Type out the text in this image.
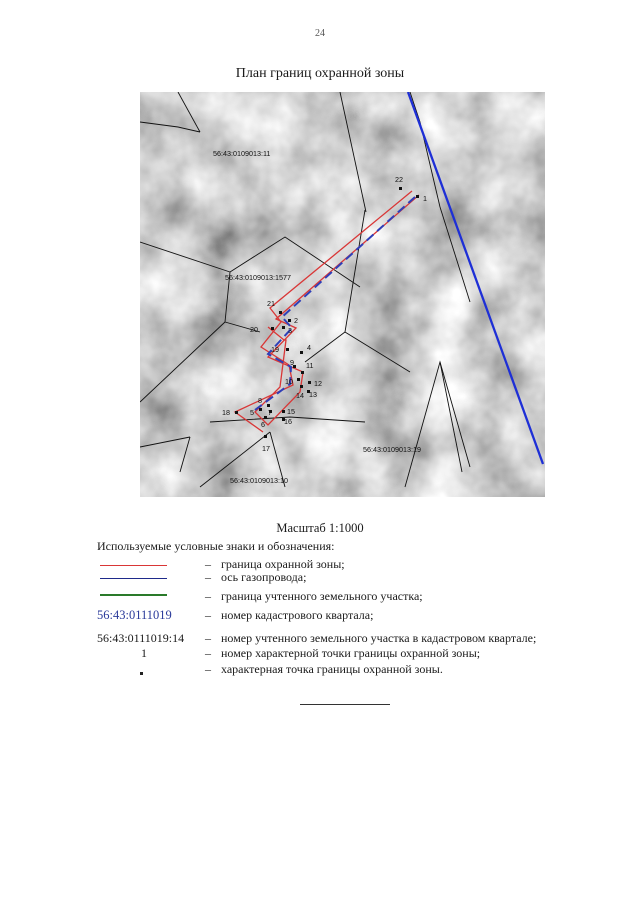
24
План границ охранной зоны
1
22
21
20
2
3
19	4
9 11
10	12
14 13
8
18	5 7 15
6	16
17
56:43:0109013:11
56:43:0109013:1577
56:43:0109013:19
56:43:0109013:10
Масштаб 1:1000
Используемые условные знаки и обозначения:
– граница охранной зоны;
– ось газопровода;
– граница учтенного земельного участка;
56:43:0111019	– номер кадастрового квартала;
56:43:0111019:14 – номер учтенного земельного участка в кадастровом квартале;
1	– номер характерной точки границы охранной зоны;
– характерная точка границы охранной зоны.
